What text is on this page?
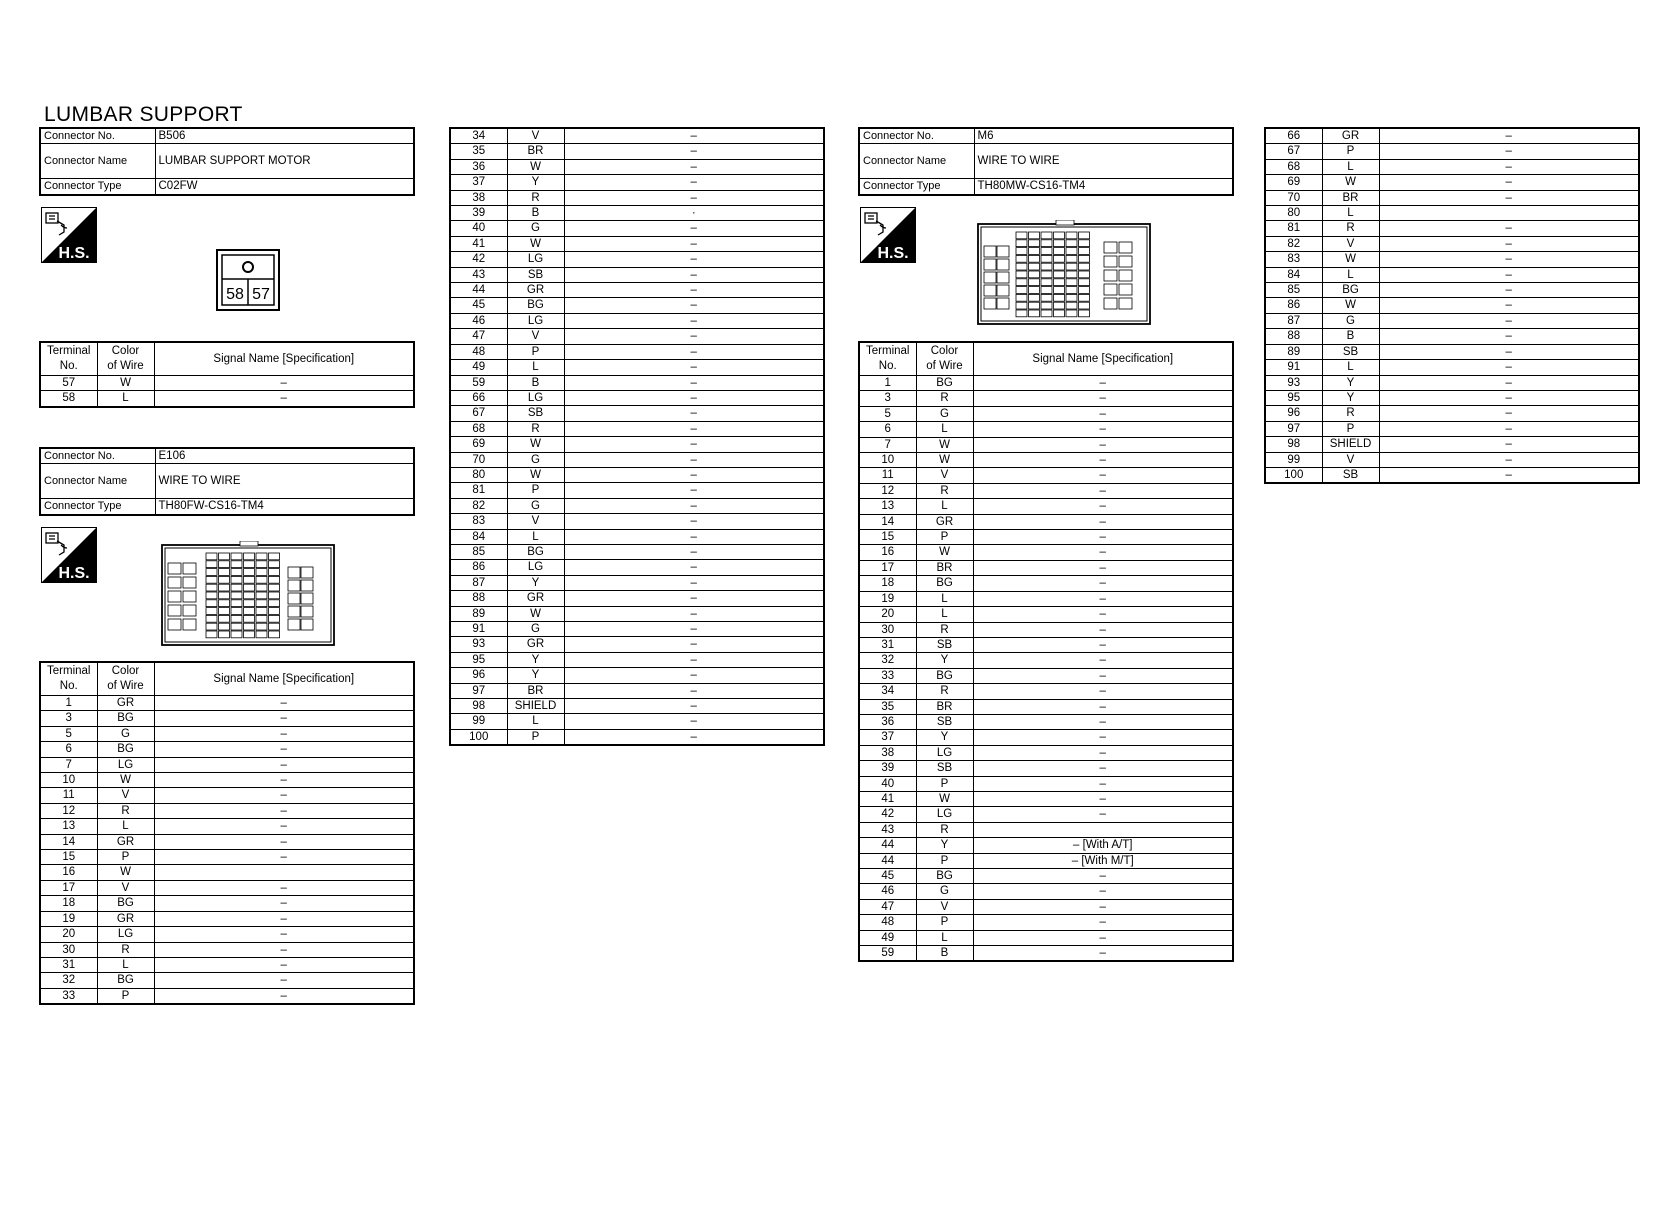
LUMBAR SUPPORT
Connector No.	B506
Connector Name	LUMBAR SUPPORT MOTOR
Connector Type	C02FW
H.S.
58 57
Terminal
No.	Color
of Wire	Signal Name [Specification]
57	W	–
58	L	–
Connector No.	E106
Connector Name	WIRE TO WIRE
Connector Type	TH80FW-CS16-TM4
H.S.
Terminal
No.	Color
of Wire	Signal Name [Specification]
1	GR	–
3	BG	–
5	G	–
6	BG	–
7	LG	–
10	W	–
11	V	–
12	R	–
13	L	–
14	GR	–
15	P	–
16	W	
17	V	–
18	BG	–
19	GR	–
20	LG	–
30	R	–
31	L	–
32	BG	–
33	P	–
34	V	–
35	BR	–
36	W	–
37	Y	–
38	R	–
39	B	·
40	G	–
41	W	–
42	LG	–
43	SB	–
44	GR	–
45	BG	–
46	LG	–
47	V	–
48	P	–
49	L	–
59	B	–
66	LG	–
67	SB	–
68	R	–
69	W	–
70	G	–
80	W	–
81	P	–
82	G	–
83	V	–
84	L	–
85	BG	–
86	LG	–
87	Y	–
88	GR	–
89	W	–
91	G	–
93	GR	–
95	Y	–
96	Y	–
97	BR	–
98	SHIELD	–
99	L	–
100	P	–
Connector No.	M6
Connector Name	WIRE TO WIRE
Connector Type	TH80MW-CS16-TM4
H.S.
Terminal
No.	Color
of Wire	Signal Name [Specification]
1	BG	–
3	R	–
5	G	–
6	L	–
7	W	–
10	W	–
11	V	–
12	R	–
13	L	–
14	GR	–
15	P	–
16	W	–
17	BR	–
18	BG	–
19	L	–
20	L	–
30	R	–
31	SB	–
32	Y	–
33	BG	–
34	R	–
35	BR	–
36	SB	–
37	Y	–
38	LG	–
39	SB	–
40	P	–
41	W	–
42	LG	–
43	R	
44	Y	– [With A/T]
44	P	– [With M/T]
45	BG	–
46	G	–
47	V	–
48	P	–
49	L	–
59	B	–
66	GR	–
67	P	–
68	L	–
69	W	–
70	BR	–
80	L	
81	R	–
82	V	–
83	W	–
84	L	–
85	BG	–
86	W	–
87	G	–
88	B	–
89	SB	–
91	L	–
93	Y	–
95	Y	–
96	R	–
97	P	–
98	SHIELD	–
99	V	–
100	SB	–
